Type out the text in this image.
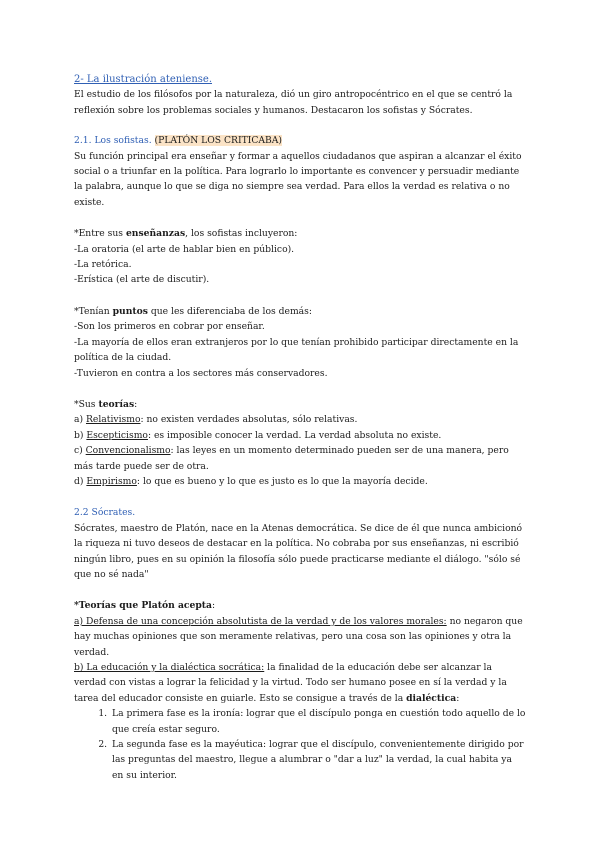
2- La ilustración ateniense.

El estudio de los filósofos por la naturaleza, dió un giro antropocéntrico en el que se centró la reflexión sobre los problemas sociales y humanos. Destacaron los sofistas y Sócrates.

2.1. Los sofistas. (PLATÓN LOS CRITICABA)

Su función principal era enseñar y formar a aquellos ciudadanos que aspiran a alcanzar el éxito social o a triunfar en la política. Para lograrlo lo importante es convencer y persuadir mediante la palabra, aunque lo que se diga no siempre sea verdad. Para ellos la verdad es relativa o no existe.

*Entre sus enseñanzas, los sofistas incluyeron:

-La oratoria (el arte de hablar bien en público).

-La retórica.

-Erística (el arte de discutir).

*Tenían puntos que les diferenciaba de los demás:

-Son los primeros en cobrar por enseñar.

-La mayoría de ellos eran extranjeros por lo que tenían prohibido participar directamente en la política de la ciudad.

-Tuvieron en contra a los sectores más conservadores.

*Sus teorías:

a) Relativismo: no existen verdades absolutas, sólo relativas.

b) Escepticismo: es imposible conocer la verdad. La verdad absoluta no existe.

c) Convencionalismo: las leyes en un momento determinado pueden ser de una manera, pero más tarde puede ser de otra.

d) Empirismo: lo que es bueno y lo que es justo es lo que la mayoría decide.

2.2 Sócrates.

Sócrates, maestro de Platón, nace en la Atenas democrática. Se dice de él que nunca ambicionó la riqueza ni tuvo deseos de destacar en la política. No cobraba por sus enseñanzas, ni escribió ningún libro, pues en su opinión la filosofía sólo puede practicarse mediante el diálogo. "sólo sé que no sé nada"

*Teorías que Platón acepta:

a) Defensa de una concepción absolutista de la verdad y de los valores morales: no negaron que hay muchas opiniones que son meramente relativas, pero una cosa son las opiniones y otra la verdad.

b) La educación y la dialéctica socrática: la finalidad de la educación debe ser alcanzar la verdad con vistas a lograr la felicidad y la virtud. Todo ser humano posee en sí la verdad y la tarea del educador consiste en guiarle. Esto se consigue a través de la dialéctica:

1. La primera fase es la ironía: lograr que el discípulo ponga en cuestión todo aquello de lo que creía estar seguro.
2. La segunda fase es la mayéutica: lograr que el discípulo, convenientemente dirigido por las preguntas del maestro, llegue a alumbrar o "dar a luz" la verdad, la cual habita ya en su interior.
